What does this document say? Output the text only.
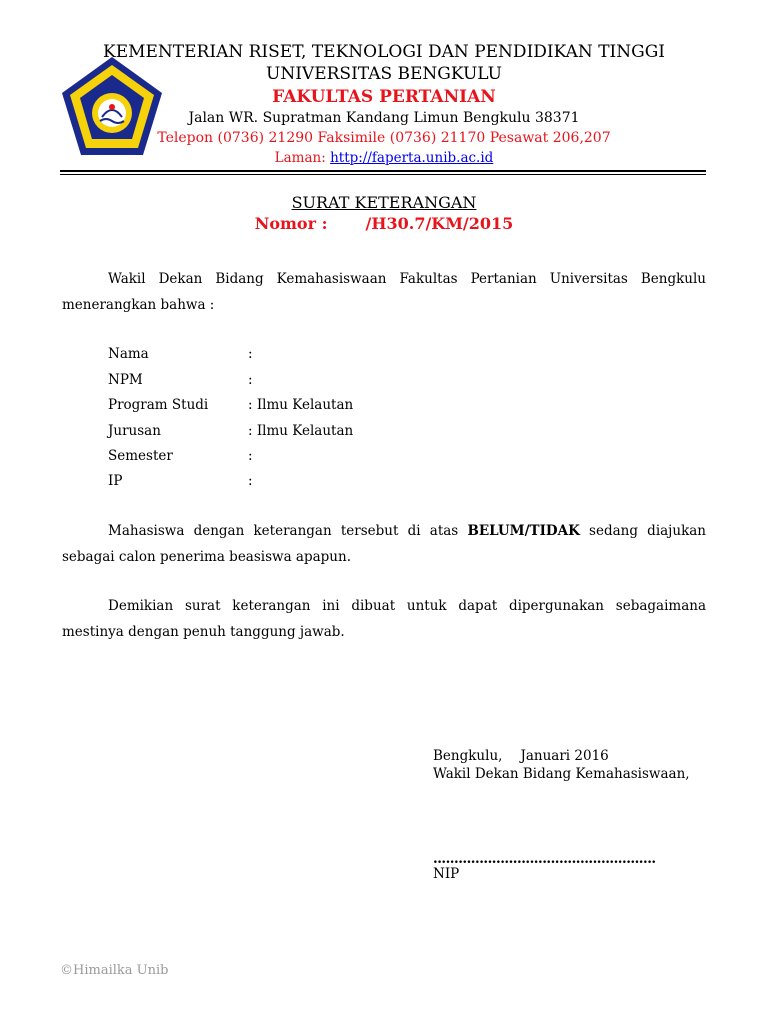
KEMENTERIAN RISET, TEKNOLOGI DAN PENDIDIKAN TINGGI
UNIVERSITAS BENGKULU
FAKULTAS PERTANIAN
Jalan WR. Supratman Kandang Limun Bengkulu 38371
Telepon (0736) 21290 Faksimile (0736) 21170 Pesawat 206,207
Laman: http://faperta.unib.ac.id
SURAT KETERANGAN
Nomor : /H30.7/KM/2015
Wakil Dekan Bidang Kemahasiswaan Fakultas Pertanian Universitas Bengkulu menerangkan bahwa :
Nama	:
NPM	:
Program Studi	: Ilmu Kelautan
Jurusan	: Ilmu Kelautan
Semester	:
IP	:
Mahasiswa dengan keterangan tersebut di atas BELUM/TIDAK sedang diajukan sebagai calon penerima beasiswa apapun.
Demikian surat keterangan ini dibuat untuk dapat dipergunakan sebagaimana mestinya dengan penuh tanggung jawab.
Bengkulu, Januari 2016
Wakil Dekan Bidang Kemahasiswaan,
.....................................................
NIP
©Himailka Unib
